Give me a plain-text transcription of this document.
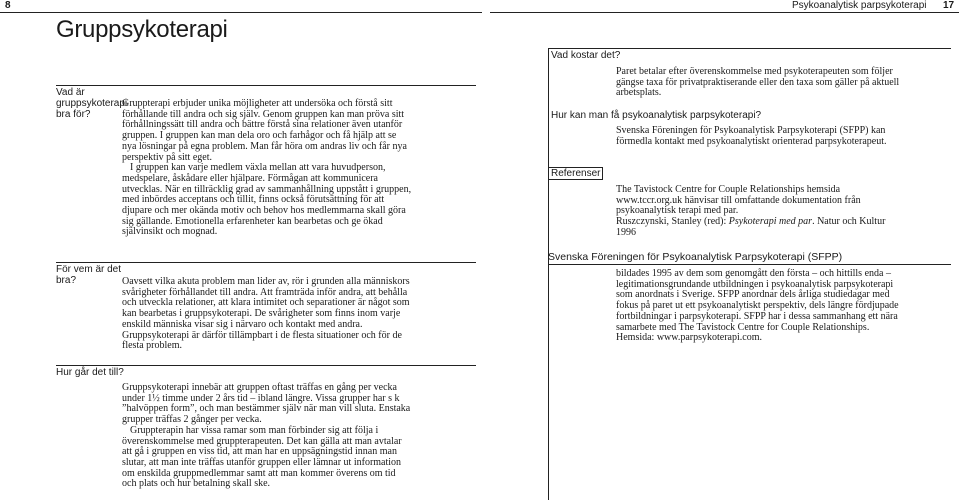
8
Gruppsykoterapi
Vad är gruppsykoterapi bra för?

Gruppterapi erbjuder unika möjligheter att undersöka och förstå sitt förhållande till andra och sig själv. Genom gruppen kan man pröva sitt förhållningssätt till andra och bättre förstå sina relationer även utanför gruppen. I gruppen kan man dela oro och farhågor och få hjälp att se nya lösningar på egna problem. Man får höra om andras liv och får nya perspektiv på sitt eget.

I gruppen kan varje medlem växla mellan att vara huvudperson, medspelare, åskådare eller hjälpare. Förmågan att kommunicera utvecklas. När en tillräcklig grad av sammanhållning uppstått i gruppen, med inbördes acceptans och tillit, finns också förutsättning för att djupare och mer okända motiv och behov hos medlemmarna skall göra sig gällande. Emotionella erfarenheter kan bearbetas och ge ökad självinsikt och mognad.

För vem är det bra?	Oavsett vilka akuta problem man lider av, rör i grunden alla människors svårigheter förhållandet till andra. Att framträda inför andra, att behålla och utveckla relationer, att klara intimitet och separationer är något som kan bearbetas i gruppsykoterapi. De svårigheter som finns inom varje enskild människa visar sig i närvaro och kontakt med andra. Gruppsykoterapi är därför tillämpbart i de flesta situationer och för de flesta problem.

Hur går det till?

Gruppsykoterapi innebär att gruppen oftast träffas en gång per vecka under 1½ timme under 2 års tid – ibland längre. Vissa grupper har s k ”halvöppen form”, och man bestämmer själv när man vill sluta. Enstaka grupper träffas 2 gånger per vecka.

Gruppterapin har vissa ramar som man förbinder sig att följa i överenskommelse med gruppterapeuten. Det kan gälla att man avtalar att gå i gruppen en viss tid, att man har en uppsägningstid innan man slutar, att man inte träffas utanför gruppen eller lämnar ut information om enskilda gruppmedlemmar samt att man kommer överens om tid och plats och hur betalning skall ske.

Psykoanalytisk parpsykoterapi 17
Vad kostar det?

Paret betalar efter överenskommelse med psykoterapeuten som följer gängse taxa för privatpraktiserande eller den taxa som gäller på aktuell arbetsplats.

Hur kan man få psykoanalytisk parpsykoterapi?

Svenska Föreningen för Psykoanalytisk Parpsykoterapi (SFPP) kan förmedla kontakt med psykoanalytiskt orienterad parpsykoterapeut.

Referenser

The Tavistock Centre for Couple Relationships hemsida www.tccr.org.uk hänvisar till omfattande dokumentation från psykoanalytisk terapi med par.

Ruszczynski, Stanley (red): Psykoterapi med par. Natur och Kultur 1996

Svenska Föreningen för Psykoanalytisk Parpsykoterapi (SFPP)

bildades 1995 av dem som genomgått den första – och hittills enda – legitimationsgrundande utbildningen i psykoanalytisk parpsykoterapi som anordnats i Sverige. SFPP anordnar dels årliga studiedagar med fokus på paret ut ett psykoanalytiskt perspektiv, dels längre fördjupade fortbildningar i parpsykoterapi. SFPP har i dessa sammanhang ett nära samarbete med The Tavistock Centre for Couple Relationships.

Hemsida: www.parpsykoterapi.com.
